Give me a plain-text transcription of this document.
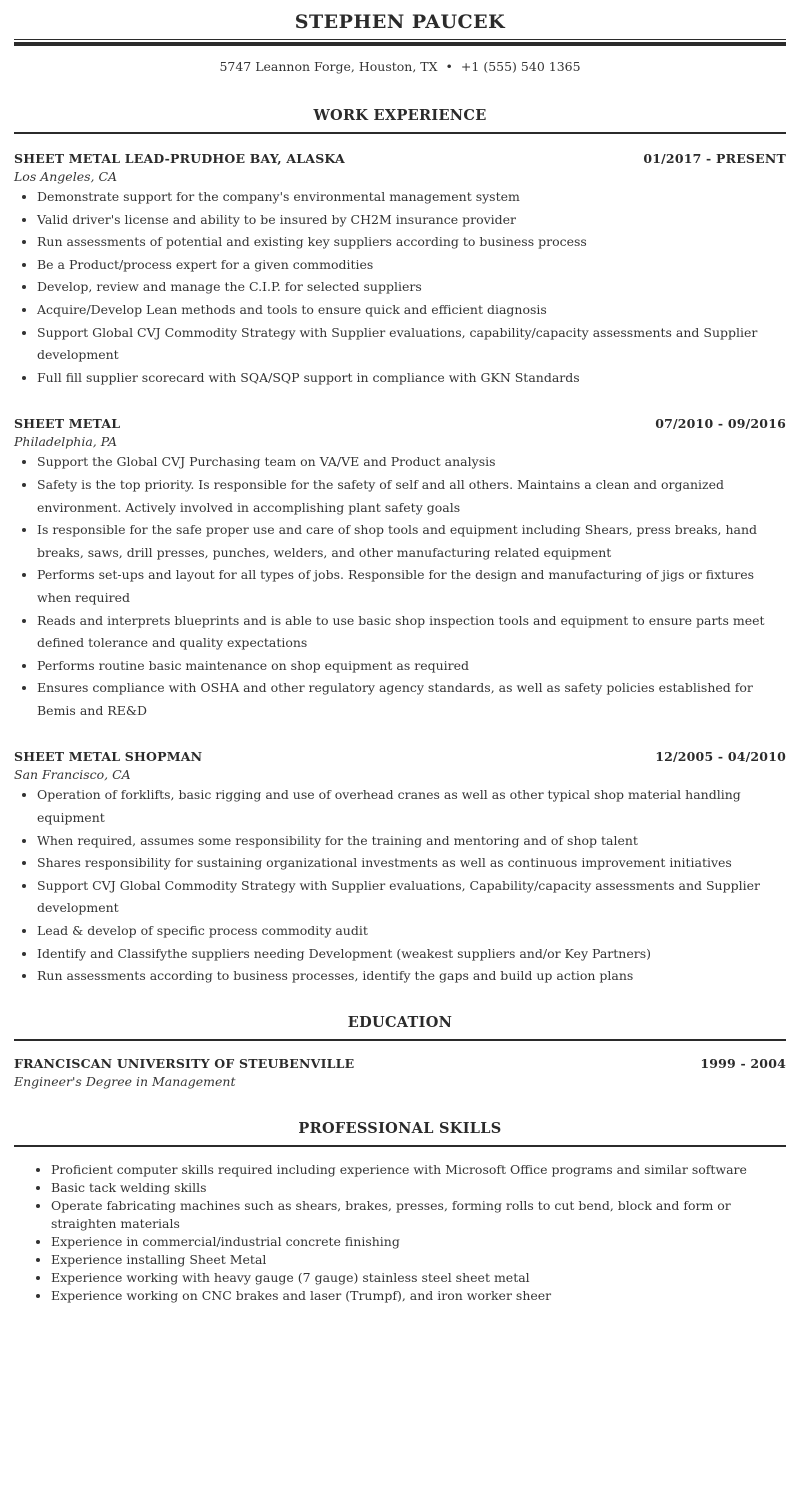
STEPHEN PAUCEK
5747 Leannon Forge, Houston, TX • +1 (555) 540 1365
WORK EXPERIENCE
SHEET METAL LEAD-PRUDHOE BAY, ALASKA	01/2017 - PRESENT
Los Angeles, CA
• Demonstrate support for the company's environmental management system
• Valid driver's license and ability to be insured by CH2M insurance provider
• Run assessments of potential and existing key suppliers according to business process
• Be a Product/process expert for a given commodities
• Develop, review and manage the C.I.P. for selected suppliers
• Acquire/Develop Lean methods and tools to ensure quick and efficient diagnosis
• Support Global CVJ Commodity Strategy with Supplier evaluations, capability/capacity assessments and Supplier development
• Full fill supplier scorecard with SQA/SQP support in compliance with GKN Standards
SHEET METAL	07/2010 - 09/2016
Philadelphia, PA
• Support the Global CVJ Purchasing team on VA/VE and Product analysis
• Safety is the top priority. Is responsible for the safety of self and all others. Maintains a clean and organized environment. Actively involved in accomplishing plant safety goals
• Is responsible for the safe proper use and care of shop tools and equipment including Shears, press breaks, hand breaks, saws, drill presses, punches, welders, and other manufacturing related equipment
• Performs set-ups and layout for all types of jobs. Responsible for the design and manufacturing of jigs or fixtures when required
• Reads and interprets blueprints and is able to use basic shop inspection tools and equipment to ensure parts meet defined tolerance and quality expectations
• Performs routine basic maintenance on shop equipment as required
• Ensures compliance with OSHA and other regulatory agency standards, as well as safety policies established for Bemis and RE&D
SHEET METAL SHOPMAN	12/2005 - 04/2010
San Francisco, CA
• Operation of forklifts, basic rigging and use of overhead cranes as well as other typical shop material handling equipment
• When required, assumes some responsibility for the training and mentoring and of shop talent
• Shares responsibility for sustaining organizational investments as well as continuous improvement initiatives
• Support CVJ Global Commodity Strategy with Supplier evaluations, Capability/capacity assessments and Supplier development
• Lead & develop of specific process commodity audit
• Identify and Classifythe suppliers needing Development (weakest suppliers and/or Key Partners)
• Run assessments according to business processes, identify the gaps and build up action plans
EDUCATION
FRANCISCAN UNIVERSITY OF STEUBENVILLE	1999 - 2004
Engineer's Degree in Management
PROFESSIONAL SKILLS
• Proficient computer skills required including experience with Microsoft Office programs and similar software
• Basic tack welding skills
• Operate fabricating machines such as shears, brakes, presses, forming rolls to cut bend, block and form or straighten materials
• Experience in commercial/industrial concrete finishing
• Experience installing Sheet Metal
• Experience working with heavy gauge (7 gauge) stainless steel sheet metal
• Experience working on CNC brakes and laser (Trumpf), and iron worker sheer
